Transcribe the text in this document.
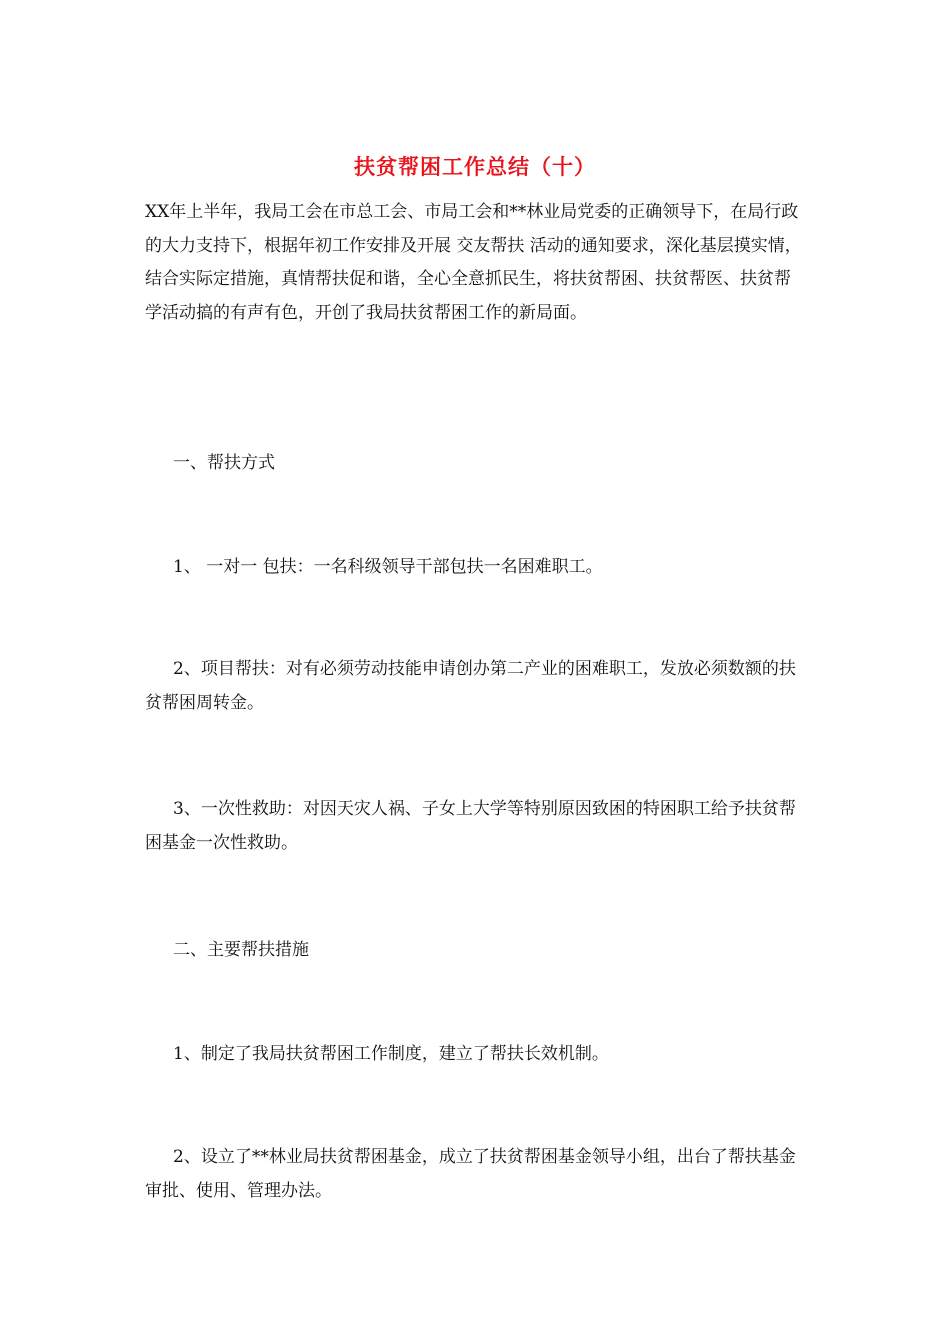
扶贫帮困工作总结（十）

XX年上半年，我局工会在市总工会、市局工会和**林业局党委的正确领导下，在局行政的大力支持下，根据年初工作安排及开展 交友帮扶 活动的通知要求，深化基层摸实情，结合实际定措施，真情帮扶促和谐，全心全意抓民生，将扶贫帮困、扶贫帮医、扶贫帮学活动搞的有声有色，开创了我局扶贫帮困工作的新局面。

一、帮扶方式

1、 一对一 包扶：一名科级领导干部包扶一名困难职工。

2、项目帮扶：对有必须劳动技能申请创办第二产业的困难职工，发放必须数额的扶贫帮困周转金。

3、一次性救助：对因天灾人祸、子女上大学等特别原因致困的特困职工给予扶贫帮困基金一次性救助。

二、主要帮扶措施

1、制定了我局扶贫帮困工作制度，建立了帮扶长效机制。

2、设立了**林业局扶贫帮困基金，成立了扶贫帮困基金领导小组，出台了帮扶基金审批、使用、管理办法。
